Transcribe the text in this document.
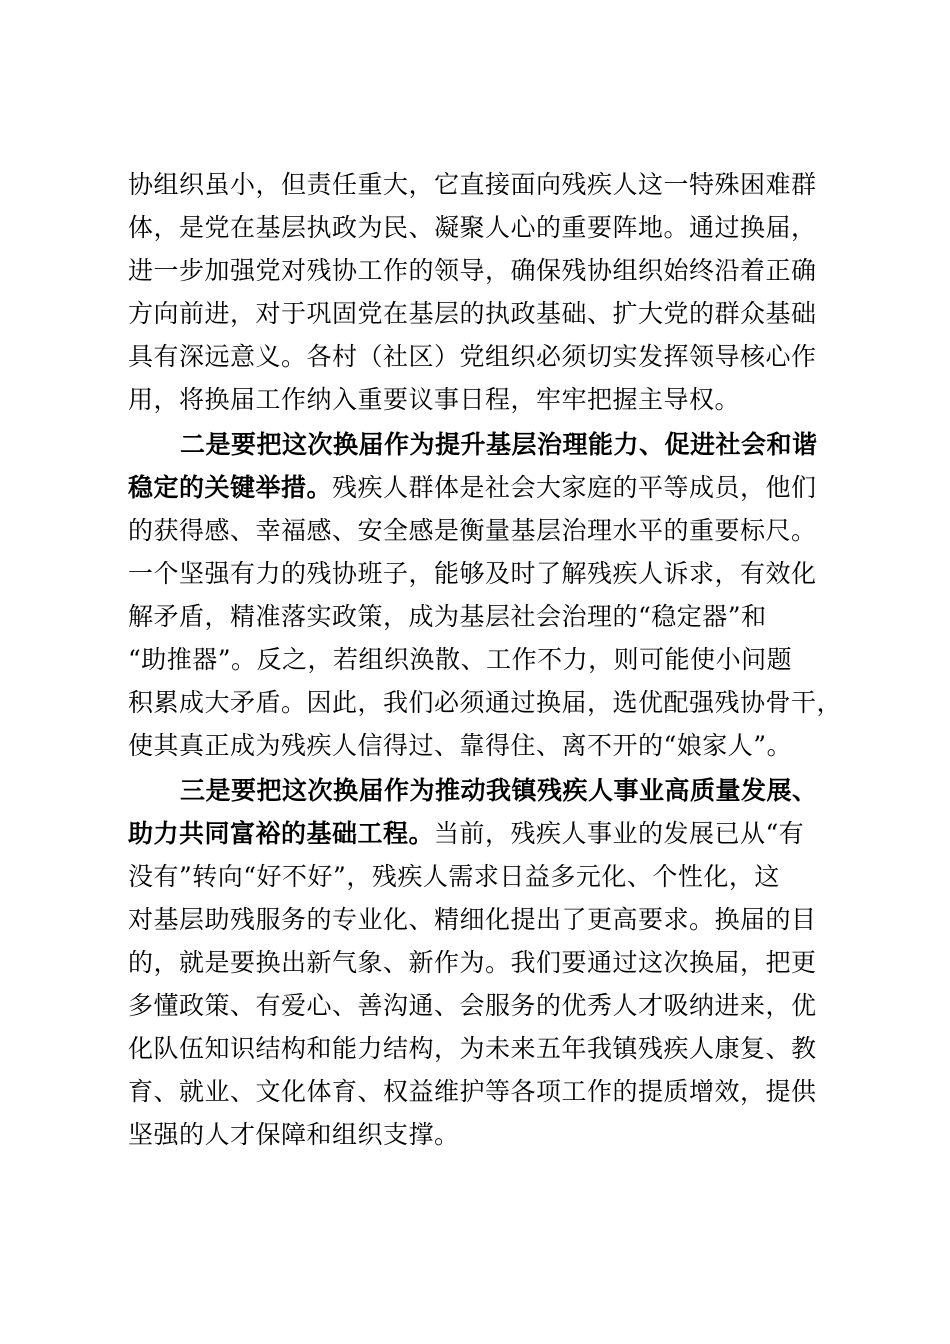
协组织虽小，但责任重大，它直接面向残疾人这一特殊困难群
体，是党在基层执政为民、凝聚人心的重要阵地。通过换届，
进一步加强党对残协工作的领导，确保残协组织始终沿着正确
方向前进，对于巩固党在基层的执政基础、扩大党的群众基础
具有深远意义。各村（社区）党组织必须切实发挥领导核心作
用，将换届工作纳入重要议事日程，牢牢把握主导权。
二是要把这次换届作为提升基层治理能力、促进社会和谐
稳定的关键举措。残疾人群体是社会大家庭的平等成员，他们
的获得感、幸福感、安全感是衡量基层治理水平的重要标尺。
一个坚强有力的残协班子，能够及时了解残疾人诉求，有效化
解矛盾，精准落实政策，成为基层社会治理的“稳定器”和
“助推器”。反之，若组织涣散、工作不力，则可能使小问题
积累成大矛盾。因此，我们必须通过换届，选优配强残协骨干，
使其真正成为残疾人信得过、靠得住、离不开的“娘家人”。
三是要把这次换届作为推动我镇残疾人事业高质量发展、
助力共同富裕的基础工程。当前，残疾人事业的发展已从“有
没有”转向“好不好”，残疾人需求日益多元化、个性化，这
对基层助残服务的专业化、精细化提出了更高要求。换届的目
的，就是要换出新气象、新作为。我们要通过这次换届，把更
多懂政策、有爱心、善沟通、会服务的优秀人才吸纳进来，优
化队伍知识结构和能力结构，为未来五年我镇残疾人康复、教
育、就业、文化体育、权益维护等各项工作的提质增效，提供
坚强的人才保障和组织支撑。
